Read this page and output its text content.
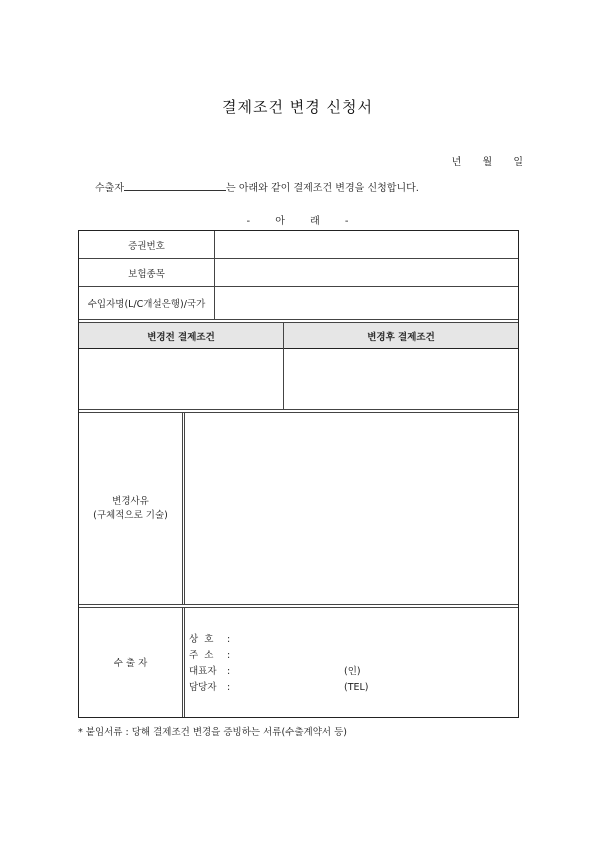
결제조건 변경 신청서
년 월 일
수출자	는 아래와 같이 결제조건 변경을 신청합니다.
- 아 래 -
증권번호
보험종목
수입자명(L/C개설은행)/국가
변경전 결제조건	변경후 결제조건
변경사유
(구체적으로 기술)
수 출 자
상  호 :
주  소 :
대표자 :	(인)
담당자 :	(TEL)
* 붙임서류 : 당해 결제조건 변경을 증빙하는 서류(수출계약서 등)
